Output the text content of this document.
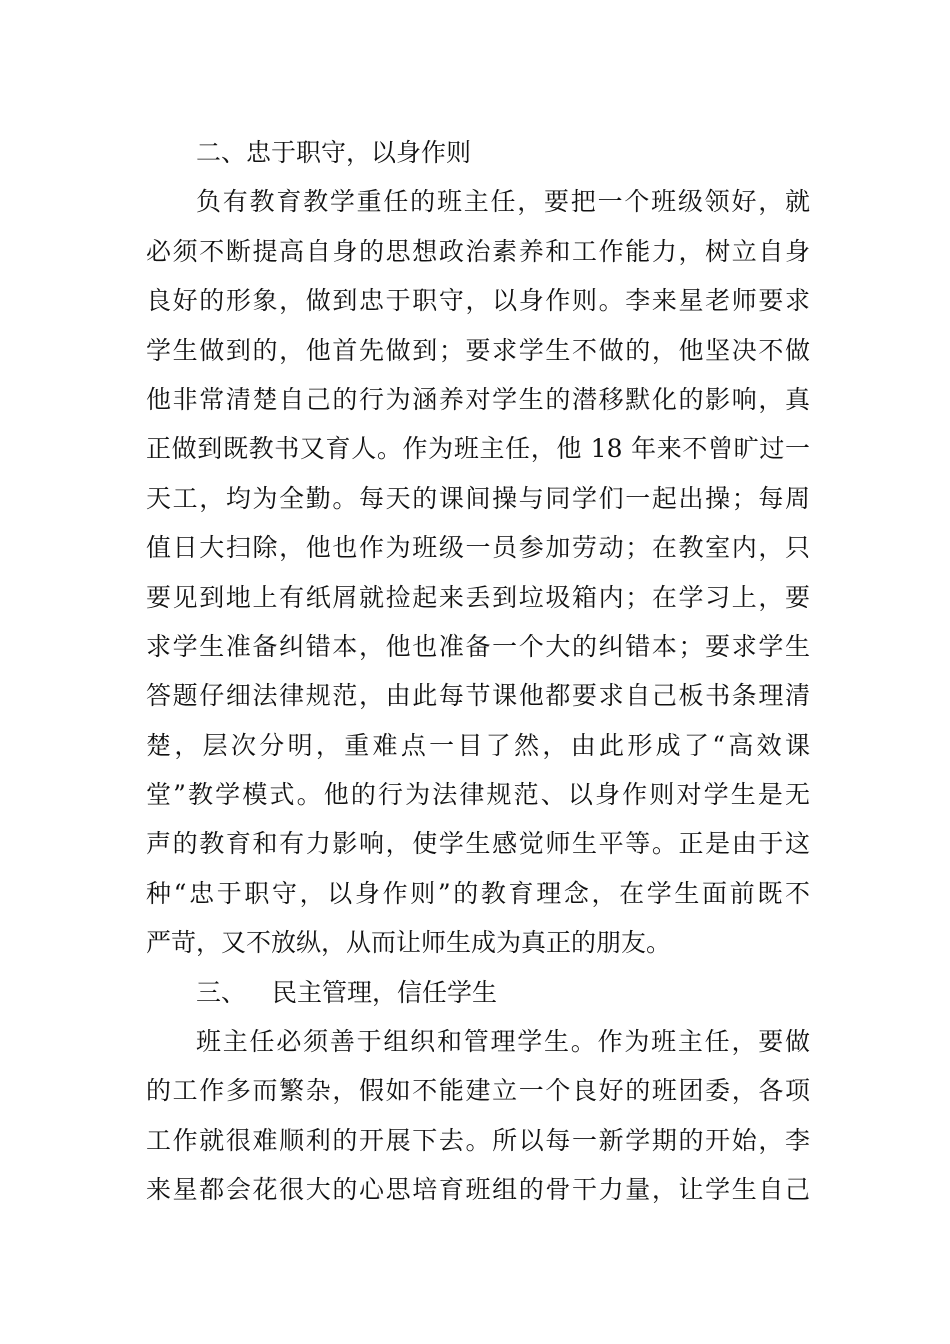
二、忠于职守，以身作则
负有教育教学重任的班主任，要把一个班级领好，就
必须不断提高自身的思想政治素养和工作能力，树立自身
良好的形象，做到忠于职守，以身作则。李来星老师要求
学生做到的，他首先做到；要求学生不做的，他坚决不做
他非常清楚自己的行为涵养对学生的潜移默化的影响，真
正做到既教书又育人。作为班主任，他 18 年来不曾旷过一
天工，均为全勤。每天的课间操与同学们一起出操；每周
值日大扫除，他也作为班级一员参加劳动；在教室内，只
要见到地上有纸屑就捡起来丢到垃圾箱内；在学习上，要
求学生准备纠错本，他也准备一个大的纠错本；要求学生
答题仔细法律规范，由此每节课他都要求自己板书条理清
楚，层次分明，重难点一目了然，由此形成了“高效课
堂”教学模式。他的行为法律规范、以身作则对学生是无
声的教育和有力影响，使学生感觉师生平等。正是由于这
种“忠于职守，以身作则”的教育理念，在学生面前既不
严苛，又不放纵，从而让师生成为真正的朋友。
三、 民主管理，信任学生
班主任必须善于组织和管理学生。作为班主任，要做
的工作多而繁杂，假如不能建立一个良好的班团委，各项
工作就很难顺利的开展下去。所以每一新学期的开始，李
来星都会花很大的心思培育班组的骨干力量，让学生自己
